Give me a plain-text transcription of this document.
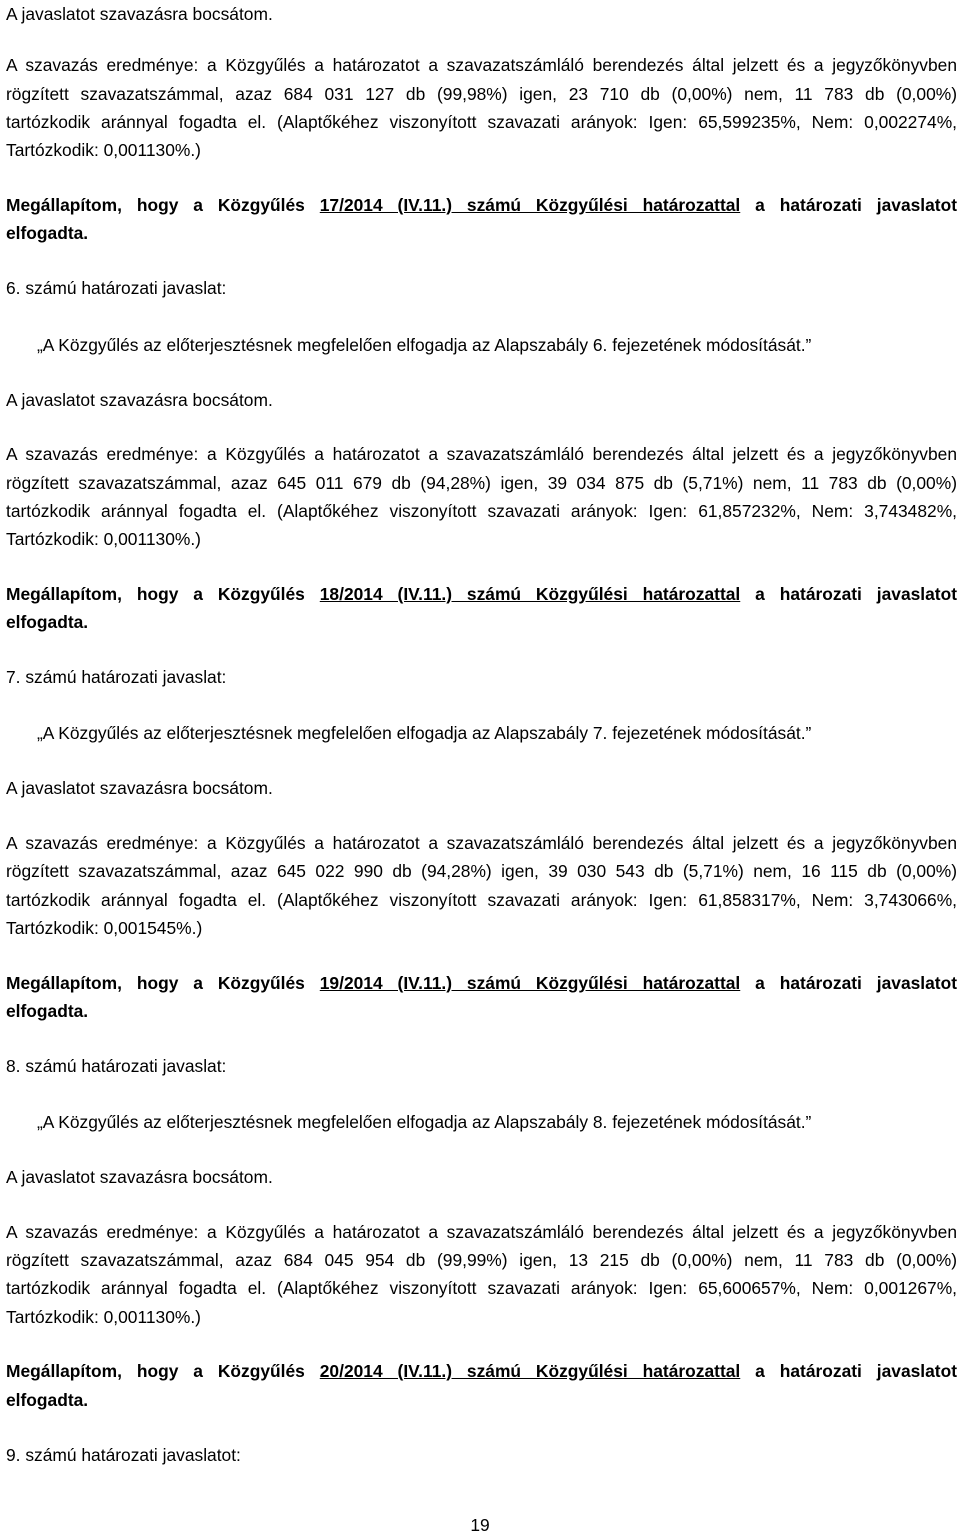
A javaslatot szavazásra bocsátom.
A szavazás eredménye: a Közgyűlés a határozatot a szavazatszámláló berendezés által jelzett és a jegyzőkönyvben
rögzített szavazatszámmal, azaz 684 031 127 db (99,98%) igen, 23 710 db (0,00%) nem, 11 783 db (0,00%)
tartózkodik aránnyal fogadta el. (Alaptőkéhez viszonyított szavazati arányok: Igen: 65,599235%, Nem: 0,002274%,
Tartózkodik: 0,001130%.)
Megállapítom, hogy a Közgyűlés 17/2014 (IV.11.) számú Közgyűlési határozattal a határozati javaslatot
elfogadta.
6. számú határozati javaslat:
„A Közgyűlés az előterjesztésnek megfelelően elfogadja az Alapszabály 6. fejezetének módosítását.”
A javaslatot szavazásra bocsátom.
A szavazás eredménye: a Közgyűlés a határozatot a szavazatszámláló berendezés által jelzett és a jegyzőkönyvben
rögzített szavazatszámmal, azaz 645 011 679 db (94,28%) igen, 39 034 875 db (5,71%) nem, 11 783 db (0,00%)
tartózkodik aránnyal fogadta el. (Alaptőkéhez viszonyított szavazati arányok: Igen: 61,857232%, Nem: 3,743482%,
Tartózkodik: 0,001130%.)
Megállapítom, hogy a Közgyűlés 18/2014 (IV.11.) számú Közgyűlési határozattal a határozati javaslatot
elfogadta.
7. számú határozati javaslat:
„A Közgyűlés az előterjesztésnek megfelelően elfogadja az Alapszabály 7. fejezetének módosítását.”
A javaslatot szavazásra bocsátom.
A szavazás eredménye: a Közgyűlés a határozatot a szavazatszámláló berendezés által jelzett és a jegyzőkönyvben
rögzített szavazatszámmal, azaz 645 022 990 db (94,28%) igen, 39 030 543 db (5,71%) nem, 16 115 db (0,00%)
tartózkodik aránnyal fogadta el. (Alaptőkéhez viszonyított szavazati arányok: Igen: 61,858317%, Nem: 3,743066%,
Tartózkodik: 0,001545%.)
Megállapítom, hogy a Közgyűlés 19/2014 (IV.11.) számú Közgyűlési határozattal a határozati javaslatot
elfogadta.
8. számú határozati javaslat:
„A Közgyűlés az előterjesztésnek megfelelően elfogadja az Alapszabály 8. fejezetének módosítását.”
A javaslatot szavazásra bocsátom.
A szavazás eredménye: a Közgyűlés a határozatot a szavazatszámláló berendezés által jelzett és a jegyzőkönyvben
rögzített szavazatszámmal, azaz 684 045 954 db (99,99%) igen, 13 215 db (0,00%) nem, 11 783 db (0,00%)
tartózkodik aránnyal fogadta el. (Alaptőkéhez viszonyított szavazati arányok: Igen: 65,600657%, Nem: 0,001267%,
Tartózkodik: 0,001130%.)
Megállapítom, hogy a Közgyűlés 20/2014 (IV.11.) számú Közgyűlési határozattal a határozati javaslatot
elfogadta.
9. számú határozati javaslatot:
19
